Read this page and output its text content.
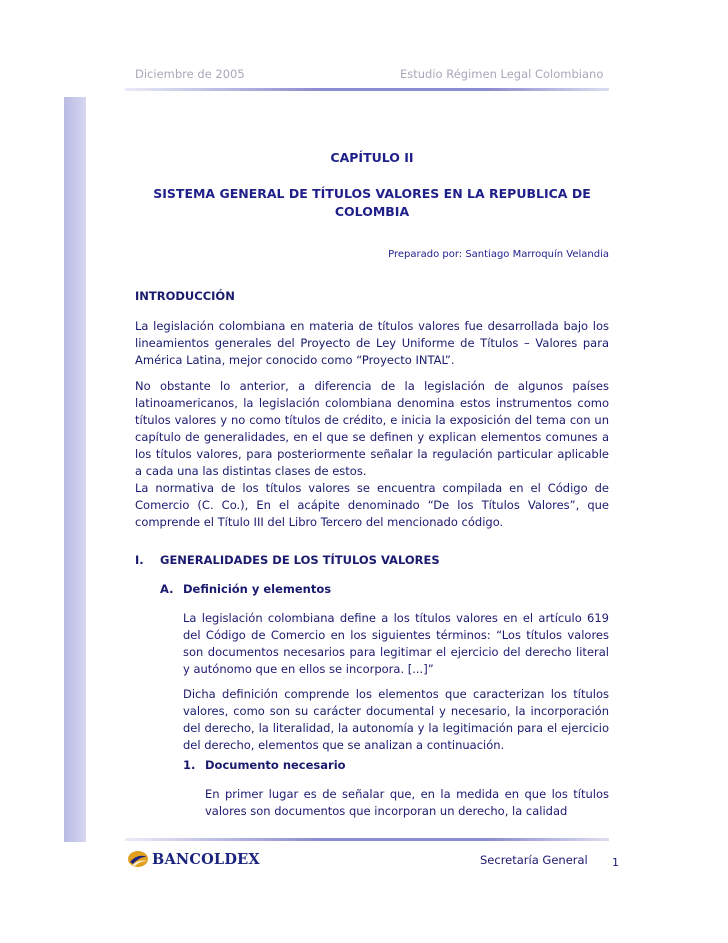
Diciembre de 2005	Estudio Régimen Legal Colombiano
CAPÍTULO II
SISTEMA GENERAL DE TÍTULOS VALORES EN LA REPUBLICA DE
COLOMBIA
Preparado por: Santiago Marroquín Velandia
INTRODUCCIÓN
La legislación colombiana en materia de títulos valores fue desarrollada bajo los lineamientos generales del Proyecto de Ley Uniforme de Títulos – Valores para América Latina, mejor conocido como “Proyecto INTAL”.
No obstante lo anterior, a diferencia de la legislación de algunos países latinoamericanos, la legislación colombiana denomina estos instrumentos como títulos valores y no como títulos de crédito, e inicia la exposición del tema con un capítulo de generalidades, en el que se definen y explican elementos comunes a los títulos valores, para posteriormente señalar la regulación particular aplicable a cada una las distintas clases de estos.
La normativa de los títulos valores se encuentra compilada en el Código de Comercio (C. Co.), En el acápite denominado “De los Títulos Valores”, que comprende el Título III del Libro Tercero del mencionado código.
I. GENERALIDADES DE LOS TÍTULOS VALORES
A. Definición y elementos
La legislación colombiana define a los títulos valores en el artículo 619 del Código de Comercio en los siguientes términos: “Los títulos valores son documentos necesarios para legitimar el ejercicio del derecho literal y autónomo que en ellos se incorpora. [...]”
Dicha definición comprende los elementos que caracterizan los títulos valores, como son su carácter documental y necesario, la incorporación del derecho, la literalidad, la autonomía y la legitimación para el ejercicio del derecho, elementos que se analizan a continuación.
1. Documento necesario
En primer lugar es de señalar que, en la medida en que los títulos valores son documentos que incorporan un derecho, la calidad
BANCOLDEX	Secretaría General 1
